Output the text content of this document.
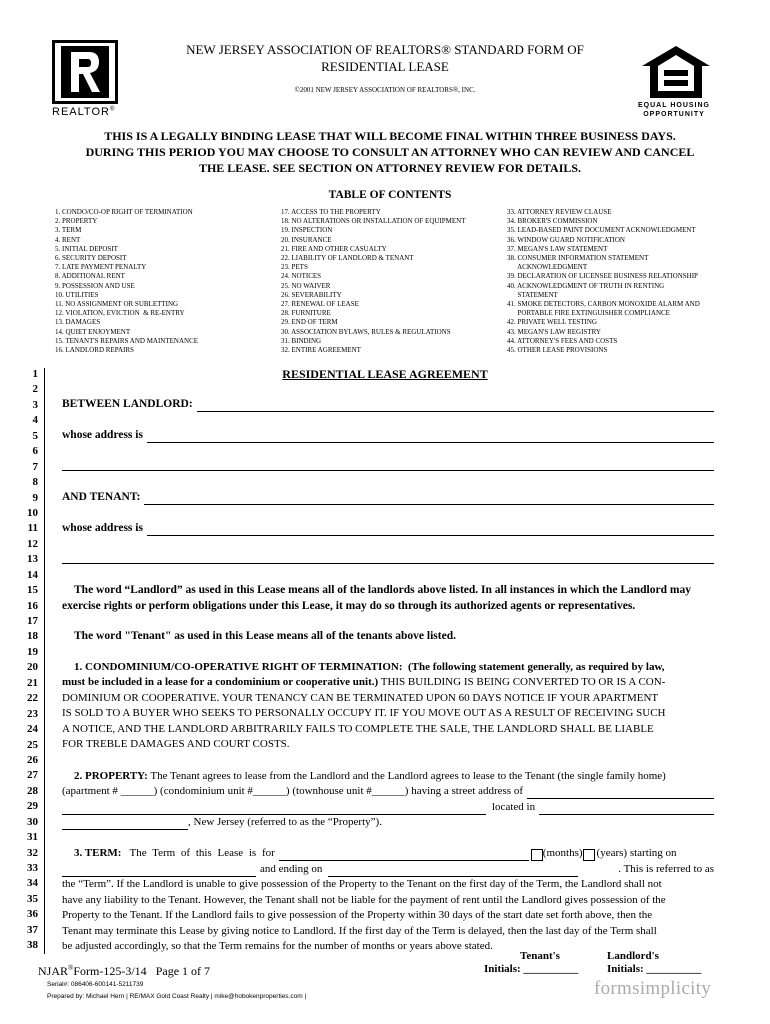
REALTOR®
EQUAL HOUSING
OPPORTUNITY
NEW JERSEY ASSOCIATION OF REALTORS® STANDARD FORM OF
RESIDENTIAL LEASE
©2001 NEW JERSEY ASSOCIATION OF REALTORS®, INC.
THIS IS A LEGALLY BINDING LEASE THAT WILL BECOME FINAL WITHIN THREE BUSINESS DAYS.
DURING THIS PERIOD YOU MAY CHOOSE TO CONSULT AN ATTORNEY WHO CAN REVIEW AND CANCEL
THE LEASE. SEE SECTION ON ATTORNEY REVIEW FOR DETAILS.
TABLE OF CONTENTS
1. CONDO/CO-OP RIGHT OF TERMINATION
2. PROPERTY
3. TERM
4. RENT
5. INITIAL DEPOSIT
6. SECURITY DEPOSIT
7. LATE PAYMENT PENALTY
8. ADDITIONAL RENT
9. POSSESSION AND USE
10. UTILITIES
11. NO ASSIGNMENT OR SUBLETTING
12. VIOLATION, EVICTION  & RE-ENTRY
13. DAMAGES
14. QUIET ENJOYMENT
15. TENANT'S REPAIRS AND MAINTENANCE
16. LANDLORD REPAIRS
17. ACCESS TO THE PROPERTY
18. NO ALTERATIONS OR INSTALLATION OF EQUIPMENT
19. INSPECTION
20. INSURANCE
21. FIRE AND OTHER CASUALTY
22. LIABILITY OF LANDLORD & TENANT
23. PETS
24. NOTICES
25. NO WAIVER
26. SEVERABILITY
27. RENEWAL OF LEASE
28. FURNITURE
29. END OF TERM
30. ASSOCIATION BYLAWS, RULES & REGULATIONS
31. BINDING
32. ENTIRE AGREEMENT
33. ATTORNEY REVIEW CLAUSE
34. BROKER'S COMMISSION
35. LEAD-BASED PAINT DOCUMENT ACKNOWLEDGMENT
36. WINDOW GUARD NOTIFICATION
37. MEGAN'S LAW STATEMENT
38. CONSUMER INFORMATION STATEMENT
ACKNOWLEDGMENT
39. DECLARATION OF LICENSEE BUSINESS RELATIONSHIP
40. ACKNOWLEDGMENT OF TRUTH IN RENTING
STATEMENT
41. SMOKE DETECTORS, CARBON MONOXIDE ALARM AND
PORTABLE FIRE EXTINGUISHER COMPLIANCE
42. PRIVATE WELL TESTING
43. MEGAN'S LAW REGISTRY
44. ATTORNEY'S FEES AND COSTS
45. OTHER LEASE PROVISIONS
1
2
3
4
5
6
7
8
9
10
11
12
13
14
15
16
17
18
19
20
21
22
23
24
25
26
27
28
29
30
31
32
33
34
35
36
37
38
RESIDENTIAL LEASE AGREEMENT
BETWEEN LANDLORD:
whose address is
AND TENANT:
whose address is
The word “Landlord” as used in this Lease means all of the landlords above listed. In all instances in which the Landlord may
exercise rights or perform obligations under this Lease, it may do so through its authorized agents or representatives.
The word "Tenant" as used in this Lease means all of the tenants above listed.
1. CONDOMINIUM/CO-OPERATIVE RIGHT OF TERMINATION: (The following statement generally, as required by law,
must be included in a lease for a condominium or cooperative unit.) THIS BUILDING IS BEING CONVERTED TO OR IS A CON-
DOMINIUM OR COOPERATIVE. YOUR TENANCY CAN BE TERMINATED UPON 60 DAYS NOTICE IF YOUR APARTMENT
IS SOLD TO A BUYER WHO SEEKS TO PERSONALLY OCCUPY IT. IF YOU MOVE OUT AS A RESULT OF RECEIVING SUCH
A NOTICE, AND THE LANDLORD ARBITRARILY FAILS TO COMPLETE THE SALE, THE LANDLORD SHALL BE LIABLE
FOR TREBLE DAMAGES AND COURT COSTS.
2. PROPERTY: The Tenant agrees to lease from the Landlord and the Landlord agrees to lease to the Tenant (the single family home)
(apartment # ______) (condominium unit #______) (townhouse unit #______) having a street address of
located in
, New Jersey (referred to as the “Property”).
3. TERM: The Term of this Lease is for	(months) (years) starting on
and ending on	. This is referred to as
the “Term”. If the Landlord is unable to give possession of the Property to the Tenant on the first day of the Term, the Landlord shall not
have any liability to the Tenant. However, the Tenant shall not be liable for the payment of rent until the Landlord gives possession of the
Property to the Tenant. If the Landlord fails to give possession of the Property within 30 days of the start date set forth above, then the
Tenant may terminate this Lease by giving notice to Landlord. If the first day of the Term is delayed, then the last day of the Term shall
be adjusted accordingly, so that the Term remains for the number of months or years above stated.
NJAR®Form-125-3/14 Page 1 of 7
Tenant's
Initials: __________
Landlord's
Initials: __________
Serial#: 086406-600141-5211739
Prepared by: Michael Hern | RE/MAX Gold Coast Realty | mike@hobokenproperties.com |	formsimplicity
